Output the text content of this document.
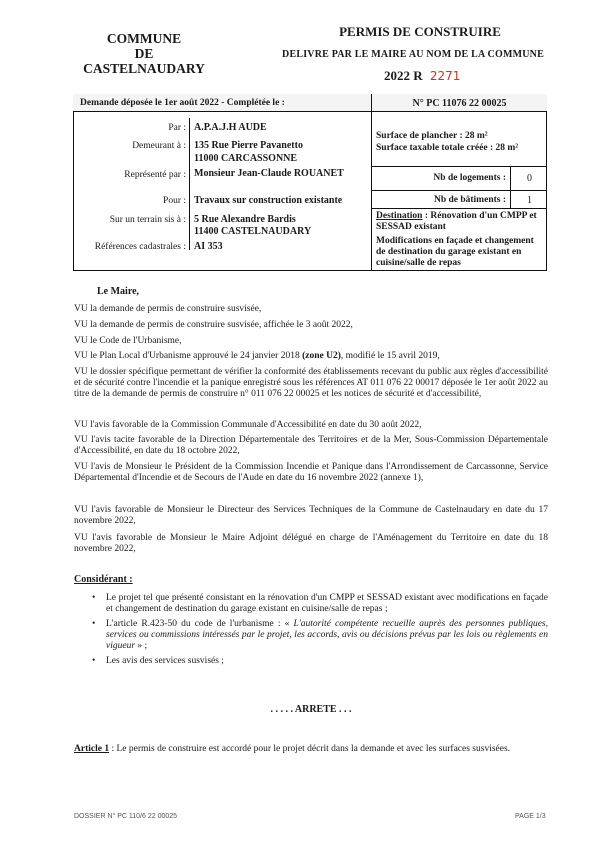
COMMUNE
DE
CASTELNAUDARY
PERMIS DE CONSTRUIRE
DELIVRE PAR LE MAIRE AU NOM DE LA COMMUNE
2022 R 2271
Demande déposée le 1er août 2022 - Complétée le :	N° PC 11076 22 00025
Par : A.P.A.J.H AUDE
Demeurant à : 135 Rue Pierre Pavanetto
11000 CARCASSONNE
Représenté par : Monsieur Jean-Claude ROUANET
Pour : Travaux sur construction existante
Sur un terrain sis à : 5 Rue Alexandre Bardis
11400 CASTELNAUDARY
Références cadastrales : AI 353
Surface de plancher : 28 m²
Surface taxable totale créée : 28 m²
Nb de logements :	0
Nb de bâtiments :	1
Destination : Rénovation d'un CMPP et SESSAD existant
Modifications en façade et changement de destination du garage existant en cuisine/salle de repas
Le Maire,
VU la demande de permis de construire susvisée,
VU la demande de permis de construire susvisée, affichée le 3 août 2022,
VU le Code de l'Urbanisme,
VU le Plan Local d'Urbanisme approuvé le 24 janvier 2018 (zone U2), modifié le 15 avril 2019,
VU le dossier spécifique permettant de vérifier la conformité des établissements recevant du public aux règles d'accessibilité et de sécurité contre l'incendie et la panique enregistré sous les références AT 011 076 22 00017 déposée le 1er août 2022 au titre de la demande de permis de construire n° 011 076 22 00025 et les notices de sécurité et d'accessibilité,
VU l'avis favorable de la Commission Communale d'Accessibilité en date du 30 août 2022,
VU l'avis tacite favorable de la Direction Départementale des Territoires et de la Mer, Sous-Commission Départementale d'Accessibilité, en date du 18 octobre 2022,
VU l'avis de Monsieur le Président de la Commission Incendie et Panique dans l'Arrondissement de Carcassonne, Service Départemental d'Incendie et de Secours de l'Aude en date du 16 novembre 2022 (annexe 1),
VU l'avis favorable de Monsieur le Directeur des Services Techniques de la Commune de Castelnaudary en date du 17 novembre 2022,
VU l'avis favorable de Monsieur le Maire Adjoint délégué en charge de l'Aménagement du Territoire en date du 18 novembre 2022,
Considérant :
• Le projet tel que présenté consistant en la rénovation d'un CMPP et SESSAD existant avec modifications en façade et changement de destination du garage existant en cuisine/salle de repas ;
• L'article R.423-50 du code de l'urbanisme : « L'autorité compétente recueille auprès des personnes publiques, services ou commissions intéressés par le projet, les accords, avis ou décisions prévus par les lois ou règlements en vigueur » ;
• Les avis des services susvisés ;
. . . . . ARRETE . . .
Article 1 : Le permis de construire est accordé pour le projet décrit dans la demande et avec les surfaces susvisées.
DOSSIER N° PC 110/6 22 00025	PAGE 1/3
